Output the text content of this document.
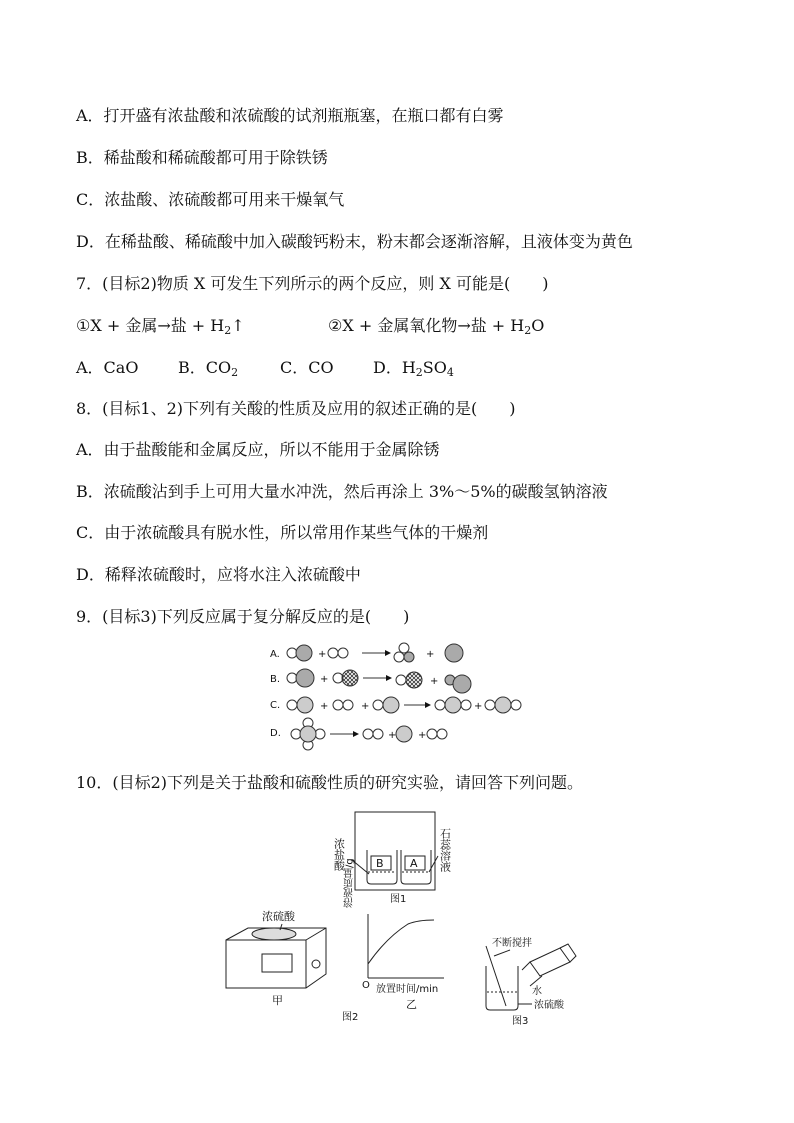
A．打开盛有浓盐酸和浓硫酸的试剂瓶瓶塞，在瓶口都有白雾
B．稀盐酸和稀硫酸都可用于除铁锈
C．浓盐酸、浓硫酸都可用来干燥氧气
D．在稀盐酸、稀硫酸中加入碳酸钙粉末，粉末都会逐渐溶解，且液体变为黄色
7．(目标2)物质 X 可发生下列所示的两个反应，则 X 可能是(　　)
①X + 金属→盐 + $H_2↑$	②X + 金属氧化物→盐 + $H_2O$
A．CaO B．$CO_2$	C．CO D．$H_2SO_4$
8．(目标1、2)下列有关酸的性质及应用的叙述正确的是(　　)
A．由于盐酸能和金属反应，所以不能用于金属除锈
B．浓硫酸沾到手上可用大量水冲洗，然后再涂上 3%～5%的碳酸氢钠溶液
C．由于浓硫酸具有脱水性，所以常用作某些气体的干燥剂
D．稀释浓硫酸时，应将水注入浓硫酸中
9．(目标3)下列反应属于复分解反应的是(　　)
A.	+	+
B.	+	+
C.	+	+	+
D.	+ +
10．(目标2)下列是关于盐酸和硫酸性质的研究实验，请回答下列问题。
B A
浓盐酸	石蕊溶液
图1
浓硫酸
甲
溶液质量/g
O 放置时间/min
乙
图2
不断搅拌
水
浓硫酸
图3
